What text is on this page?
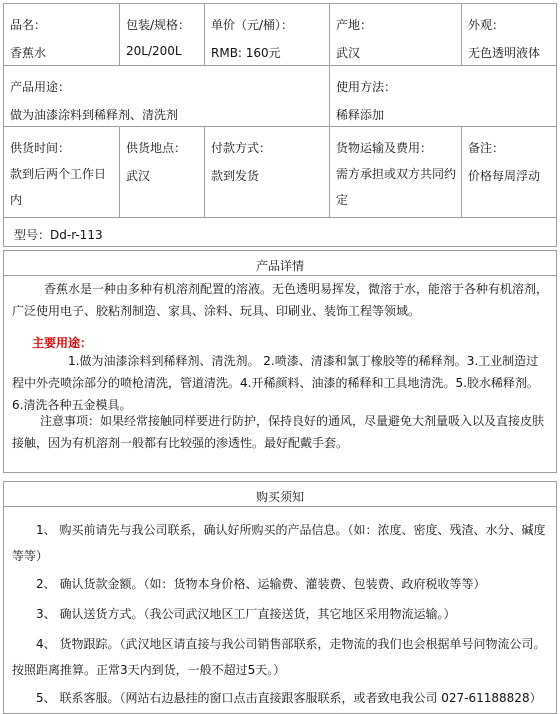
品名：
香蕉水
包装/规格：
20L/200L
单价（元/桶）：
RMB: 160元
产地：
武汉
外观：
无色透明液体
产品用途：
做为油漆涂料到稀释剂、清洗剂
使用方法：
稀释添加
供货时间：
款到后两个工作日内
供货地点：
武汉
付款方式：
款到发货
货物运输及费用：
需方承担或双方共同约定
备注：
价格每周浮动
型号：Dd-r-113
产品详情
香蕉水是一种由多种有机溶剂配置的溶液。无色透明易挥发，微溶于水，能溶于各种有机溶剂，广泛使用电子、胶粘剂制造、家具、涂料、玩具、印刷业、装饰工程等领域。
主要用途：
1.做为油漆涂料到稀释剂、清洗剂。 2.喷漆、清漆和氯丁橡胶等的稀释剂。3.工业制造过程中外壳喷涂部分的喷枪清洗，管道清洗。4.开稀颜料、油漆的稀释和工具地清洗。5.胶水稀释剂。6.清洗各种五金模具。
注意事项：如果经常接触同样要进行防护，保持良好的通风，尽量避免大剂量吸入以及直接皮肤接触，因为有机溶剂一般都有比较强的渗透性。最好配戴手套。
购买须知
1、 购买前请先与我公司联系，确认好所购买的产品信息。（如：浓度、密度、残渣、水分、碱度等等）
2、 确认货款金额。（如：货物本身价格、运输费、灌装费、包装费、政府税收等等）
3、 确认送货方式。（我公司武汉地区工厂直接送货，其它地区采用物流运输。）
4、 货物跟踪。（武汉地区请直接与我公司销售部联系，走物流的我们也会根据单号问物流公司。按照距离推算。正常3天内到货，一般不超过5天。）
5、 联系客服。（网站右边悬挂的窗口点击直接跟客服联系，或者致电我公司 027-61188828）
